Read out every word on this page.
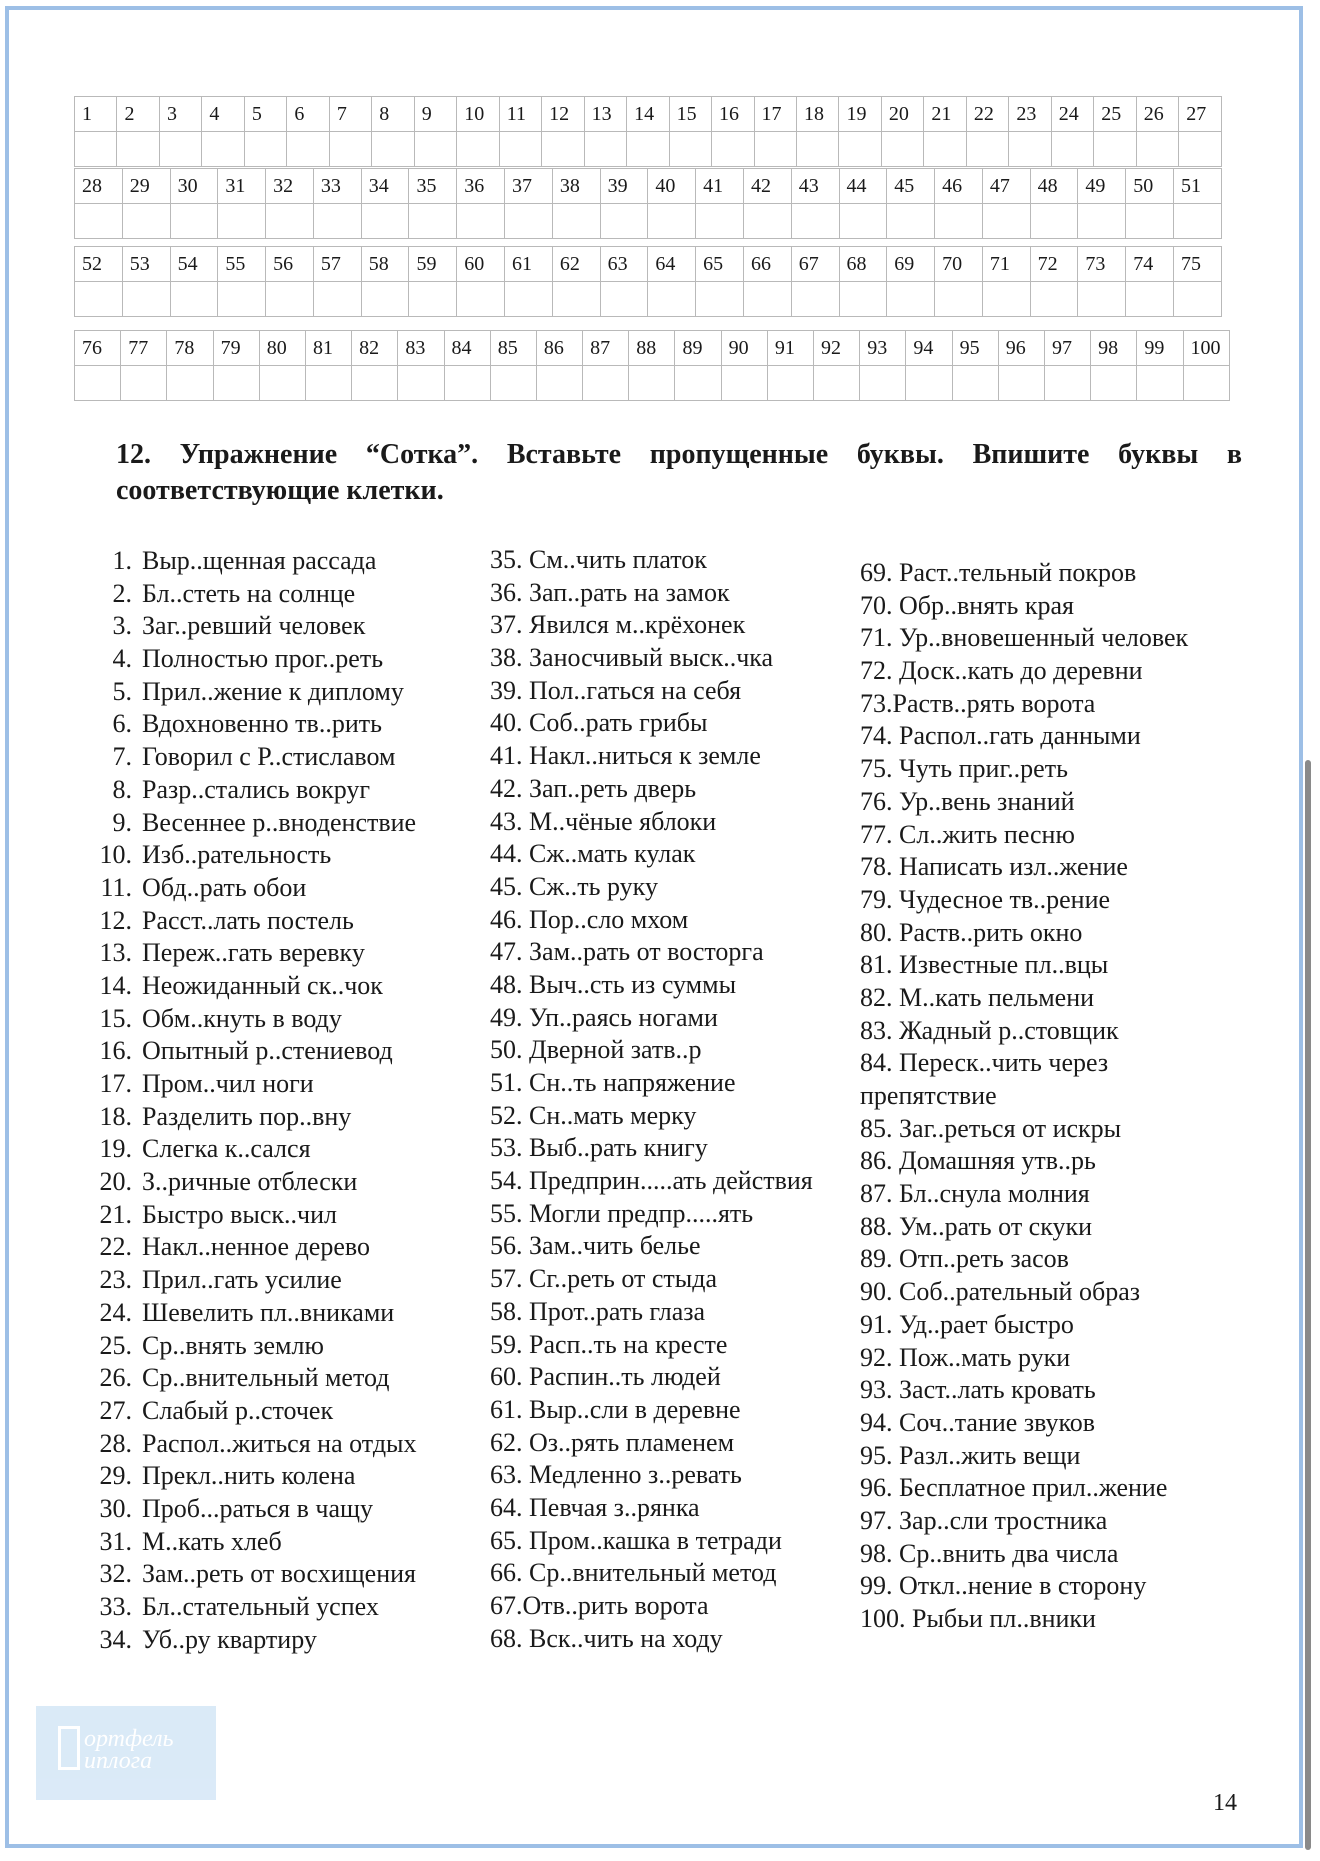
1	2	3	4	5	6	7	8	9	10	11	12	13	14	15	16	17	18	19	20	21	22	23	24	25	26	27

28	29	30	31	32	33	34	35	36	37	38	39	40	41	42	43	44	45	46	47	48	49	50	51

52	53	54	55	56	57	58	59	60	61	62	63	64	65	66	67	68	69	70	71	72	73	74	75

76	77	78	79	80	81	82	83	84	85	86	87	88	89	90	91	92	93	94	95	96	97	98	99	100

12. Упражнение “Сотка”. Вставьте пропущенные буквы. Впишите буквы в соответствующие клетки.
1. Выр..щенная рассада
2. Бл..стеть на солнце
3. Заг..ревший человек
4. Полностью прог..реть
5. Прил..жение к диплому
6. Вдохновенно тв..рить
7. Говорил с Р..стиславом
8. Разр..стались вокруг
9. Весеннее р..вноденствие
10. Изб..рательность
11. Обд..рать обои
12. Расст..лать постель
13. Переж..гать веревку
14. Неожиданный ск..чок
15. Обм..кнуть в воду
16. Опытный р..стениевод
17. Пром..чил ноги
18. Разделить пор..вну
19. Слегка к..сался
20. З..ричные отблески
21. Быстро выск..чил
22. Накл..ненное дерево
23. Прил..гать усилие
24. Шевелить пл..вниками
25. Ср..внять землю
26. Ср..внительный метод
27. Слабый р..сточек
28. Распол..житься на отдых
29. Прекл..нить колена
30. Проб...раться в чащу
31. М..кать хлеб
32. Зам..реть от восхищения
33. Бл..стательный успех
34. Уб..ру квартиру
35. См..чить платок
36. Зап..рать на замок
37. Явился м..крёхонек
38. Заносчивый выск..чка
39. Пол..гаться на себя
40. Соб..рать грибы
41. Накл..ниться к земле
42. Зап..реть дверь
43. М..чёные яблоки
44. Сж..мать кулак
45. Сж..ть руку
46. Пор..сло мхом
47. Зам..рать от восторга
48. Выч..сть из суммы
49. Уп..раясь ногами
50. Дверной затв..р
51. Сн..ть напряжение
52. Сн..мать мерку
53. Выб..рать книгу
54. Предприн.....ать действия
55. Могли предпр.....ять
56. Зам..чить белье
57. Сг..реть от стыда
58. Прот..рать глаза
59. Расп..ть на кресте
60. Распин..ть людей
61. Выр..сли в деревне
62. Оз..рять пламенем
63. Медленно з..ревать
64. Певчая з..рянка
65. Пром..кашка в тетради
66. Ср..внительный метод
67.Отв..рить ворота
68. Вск..чить на ходу
69. Раст..тельный покров
70. Обр..внять края
71. Ур..вновешенный человек
72. Доск..кать до деревни
73.Раств..рять ворота
74. Распол..гать данными
75. Чуть приг..реть
76. Ур..вень знаний
77. Сл..жить песню
78. Написать изл..жение
79. Чудесное тв..рение
80. Раств..рить окно
81. Известные пл..вцы
82. М..кать пельмени
83. Жадный р..стовщик
84. Переск..чить через препятствие
85. Заг..реться от искры
86. Домашняя утв..рь
87. Бл..снула молния
88. Ум..рать от скуки
89. Отп..реть засов
90. Соб..рательный образ
91. Уд..рает быстро
92. Пож..мать руки
93. Заст..лать кровать
94. Соч..тание звуков
95. Разл..жить вещи
96. Бесплатное прил..жение
97. Зар..сли тростника
98. Ср..внить два числа
99. Откл..нение в сторону
100. Рыбьи пл..вники
ортфель
иплога
14
